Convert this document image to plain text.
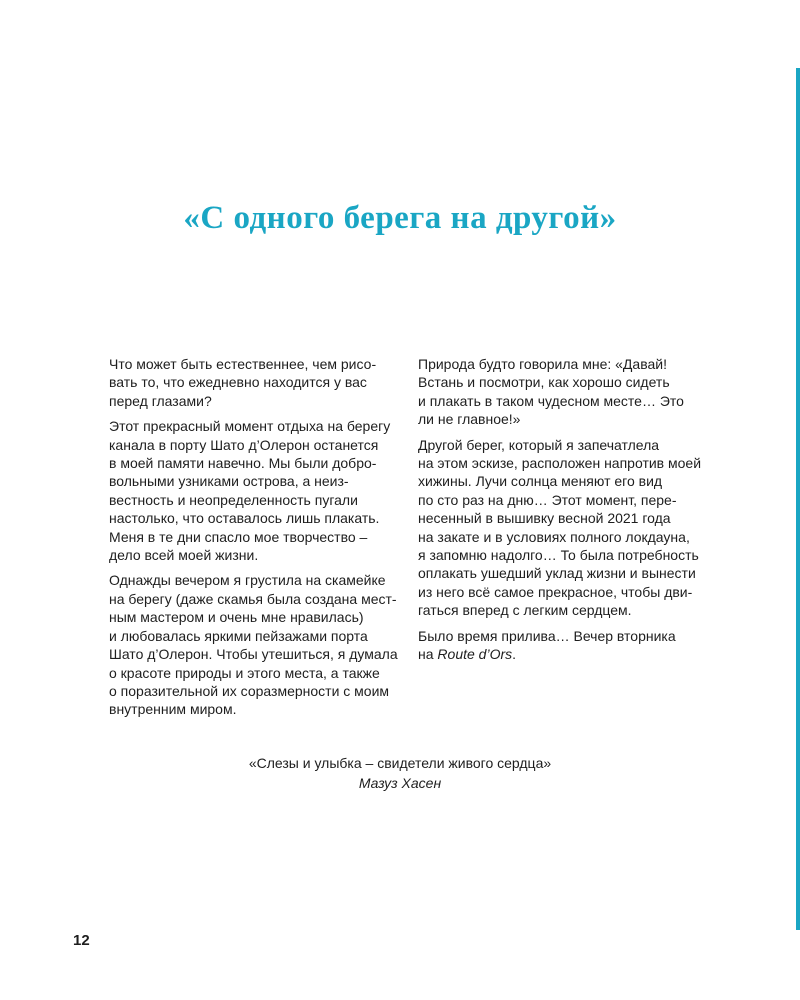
«С одного берега на другой»

Что может быть естественнее, чем рисо-
вать то, что ежедневно находится у вас
перед глазами?

Этот прекрасный момент отдыха на берегу
канала в порту Шато д’Олерон останется
в моей памяти навечно. Мы были добро-
вольными узниками острова, а неиз-
вестность и неопределенность пугали
настолько, что оставалось лишь плакать.
Меня в те дни спасло мое творчество –
дело всей моей жизни.

Однажды вечером я грустила на скамейке
на берегу (даже скамья была создана мест-
ным мастером и очень мне нравилась)
и любовалась яркими пейзажами порта
Шато д’Олерон. Чтобы утешиться, я думала
о красоте природы и этого места, а также
о поразительной их соразмерности с моим
внутренним миром.

Природа будто говорила мне: «Давай!
Встань и посмотри, как хорошо сидеть
и плакать в таком чудесном месте… Это
ли не главное!»

Другой берег, который я запечатлела
на этом эскизе, расположен напротив моей
хижины. Лучи солнца меняют его вид
по сто раз на дню… Этот момент, пере-
несенный в вышивку весной 2021 года
на закате и в условиях полного локдауна,
я запомню надолго… То была потребность
оплакать ушедший уклад жизни и вынести
из него всё самое прекрасное, чтобы дви-
гаться вперед с легким сердцем.

Было время прилива… Вечер вторника
на Route d’Ors.

«Слезы и улыбка – свидетели живого сердца»
Мазуз Хасен
12
